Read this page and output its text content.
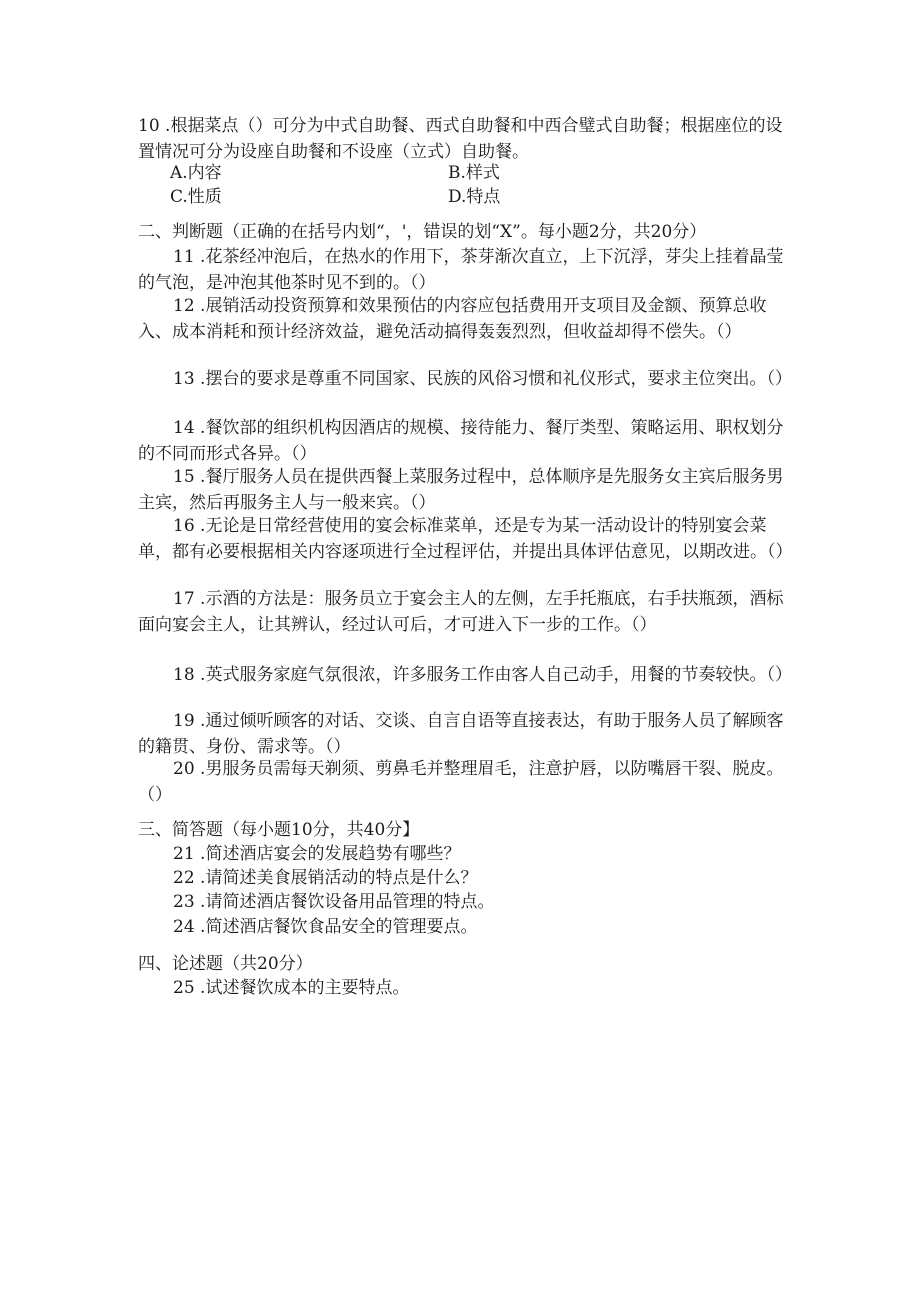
10 .根据菜点（）可分为中式自助餐、西式自助餐和中西合璧式自助餐；根据座位的设置情况可分为设座自助餐和不设座（立式）自助餐。
A.内容	B.样式
C.性质	D.特点
二、判断题（正确的在括号内划“，'，错误的划“X”。每小题2分，共20分）
11 .花茶经冲泡后，在热水的作用下，茶芽渐次直立，上下沉浮，芽尖上挂着晶莹的气泡，是冲泡其他茶时见不到的。（）
12 .展销活动投资预算和效果预估的内容应包括费用开支项目及金额、预算总收入、成本消耗和预计经济效益，避免活动搞得轰轰烈烈，但收益却得不偿失。（）
13 .摆台的要求是尊重不同国家、民族的风俗习惯和礼仪形式，要求主位突出。（）
14 .餐饮部的组织机构因酒店的规模、接待能力、餐厅类型、策略运用、职权划分的不同而形式各异。（）
15 .餐厅服务人员在提供西餐上菜服务过程中，总体顺序是先服务女主宾后服务男主宾，然后再服务主人与一般来宾。（）
16 .无论是日常经营使用的宴会标准菜单，还是专为某一活动设计的特别宴会菜单，都有必要根据相关内容逐项进行全过程评估，并提出具体评估意见，以期改进。（）
17 .示酒的方法是：服务员立于宴会主人的左侧，左手托瓶底，右手扶瓶颈，酒标面向宴会主人，让其辨认，经过认可后，才可进入下一步的工作。（）
18 .英式服务家庭气氛很浓，许多服务工作由客人自己动手，用餐的节奏较快。（）
19 .通过倾听顾客的对话、交谈、自言自语等直接表达，有助于服务人员了解顾客的籍贯、身份、需求等。（）
20 .男服务员需每天剃须、剪鼻毛并整理眉毛，注意护唇，以防嘴唇干裂、脱皮。（）
三、简答题（每小题10分，共40分】
21 .简述酒店宴会的发展趋势有哪些？
22 .请简述美食展销活动的特点是什么？
23 .请简述酒店餐饮设备用品管理的特点。
24 .简述酒店餐饮食品安全的管理要点。
四、论述题（共20分）
25 .试述餐饮成本的主要特点。
